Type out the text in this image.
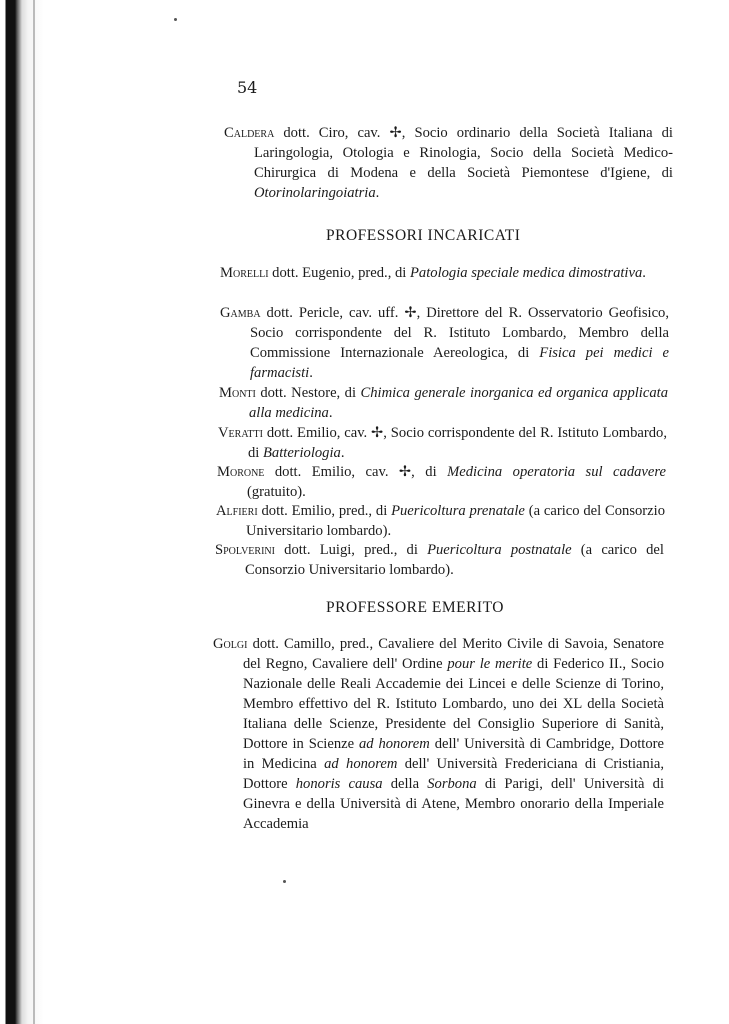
54

Caldera dott. Ciro, cav. ✢, Socio ordinario della Società Italiana di Laringologia, Otologia e Rinologia, Socio della Società Medico-Chirurgica di Modena e della Società Piemontese d'Igiene, di Otorinolaringoiatria.

PROFESSORI INCARICATI

Morelli dott. Eugenio, pred., di Patologia speciale medica dimostrativa.

Gamba dott. Pericle, cav. uff. ✢, Direttore del R. Osservatorio Geofisico, Socio corrispondente del R. Istituto Lombardo, Membro della Commissione Internazionale Aereologica, di Fisica pei medici e farmacisti.

Monti dott. Nestore, di Chimica generale inorganica ed organica applicata alla medicina.

Veratti dott. Emilio, cav. ✢, Socio corrispondente del R. Istituto Lombardo, di Batteriologia.

Morone dott. Emilio, cav. ✢, di Medicina operatoria sul cadavere (gratuito).

Alfieri dott. Emilio, pred., di Puericoltura prenatale (a carico del Consorzio Universitario lombardo).

Spolverini dott. Luigi, pred., di Puericoltura postnatale (a carico del Consorzio Universitario lombardo).

PROFESSORE EMERITO

Golgi dott. Camillo, pred., Cavaliere del Merito Civile di Savoia, Senatore del Regno, Cavaliere dell' Ordine pour le merite di Federico II., Socio Nazionale delle Reali Accademie dei Lincei e delle Scienze di Torino, Membro effettivo del R. Istituto Lombardo, uno dei XL della Società Italiana delle Scienze, Presidente del Consiglio Superiore di Sanità, Dottore in Scienze ad honorem dell' Università di Cambridge, Dottore in Medicina ad honorem dell' Università Fredericiana di Cristiania, Dottore honoris causa della Sorbona di Parigi, dell' Università di Ginevra e della Università di Atene, Membro onorario della Imperiale Accademia
